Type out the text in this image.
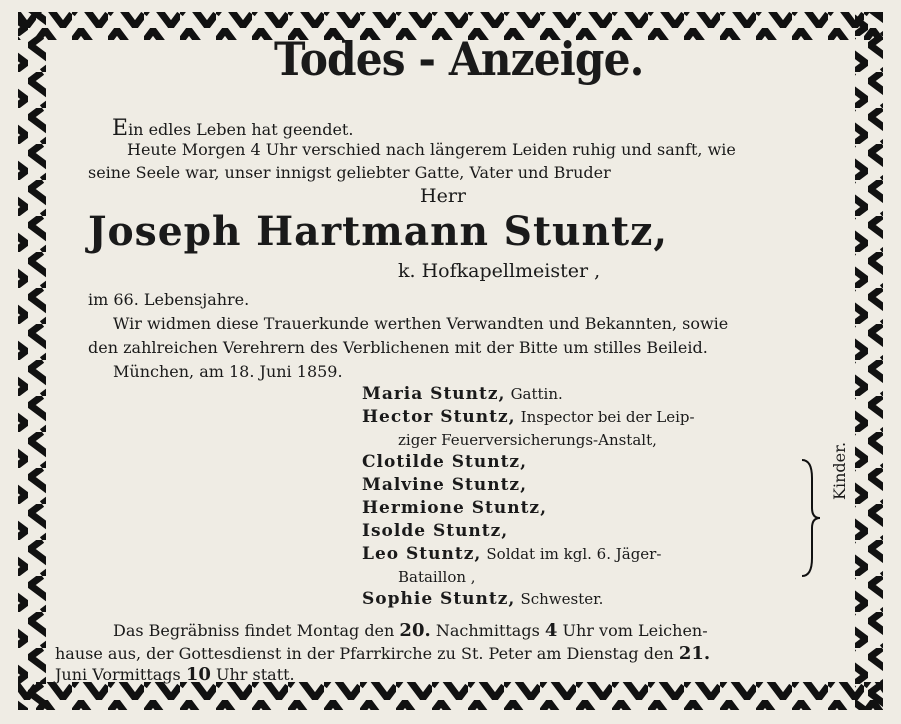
Todes - Anzeige.
Ein edles Leben hat geendet.
Heute Morgen 4 Uhr verschied nach längerem Leiden ruhig und sanft, wie
seine Seele war, unser innigst geliebter Gatte, Vater und Bruder
Herr
Joseph Hartmann Stuntz,
k. Hofkapellmeister ,
im 66. Lebensjahre.
Wir widmen diese Trauerkunde werthen Verwandten und Bekannten, sowie
den zahlreichen Verehrern des Verblichenen mit der Bitte um stilles Beileid.
München, am 18. Juni 1859.
Maria Stuntz, Gattin.
Hector Stuntz, Inspector bei der Leip-
ziger Feuerversicherungs-Anstalt,
Clotilde Stuntz,
Malvine Stuntz,
Hermione Stuntz,
Isolde Stuntz,
Leo Stuntz, Soldat im kgl. 6. Jäger-
Bataillon ,
Sophie Stuntz, Schwester.
Kinder.
Das Begräbniss findet Montag den 20. Nachmittags 4 Uhr vom Leichen-
hause aus, der Gottesdienst in der Pfarrkirche zu St. Peter am Dienstag den 21.
Juni Vormittags 10 Uhr statt.
